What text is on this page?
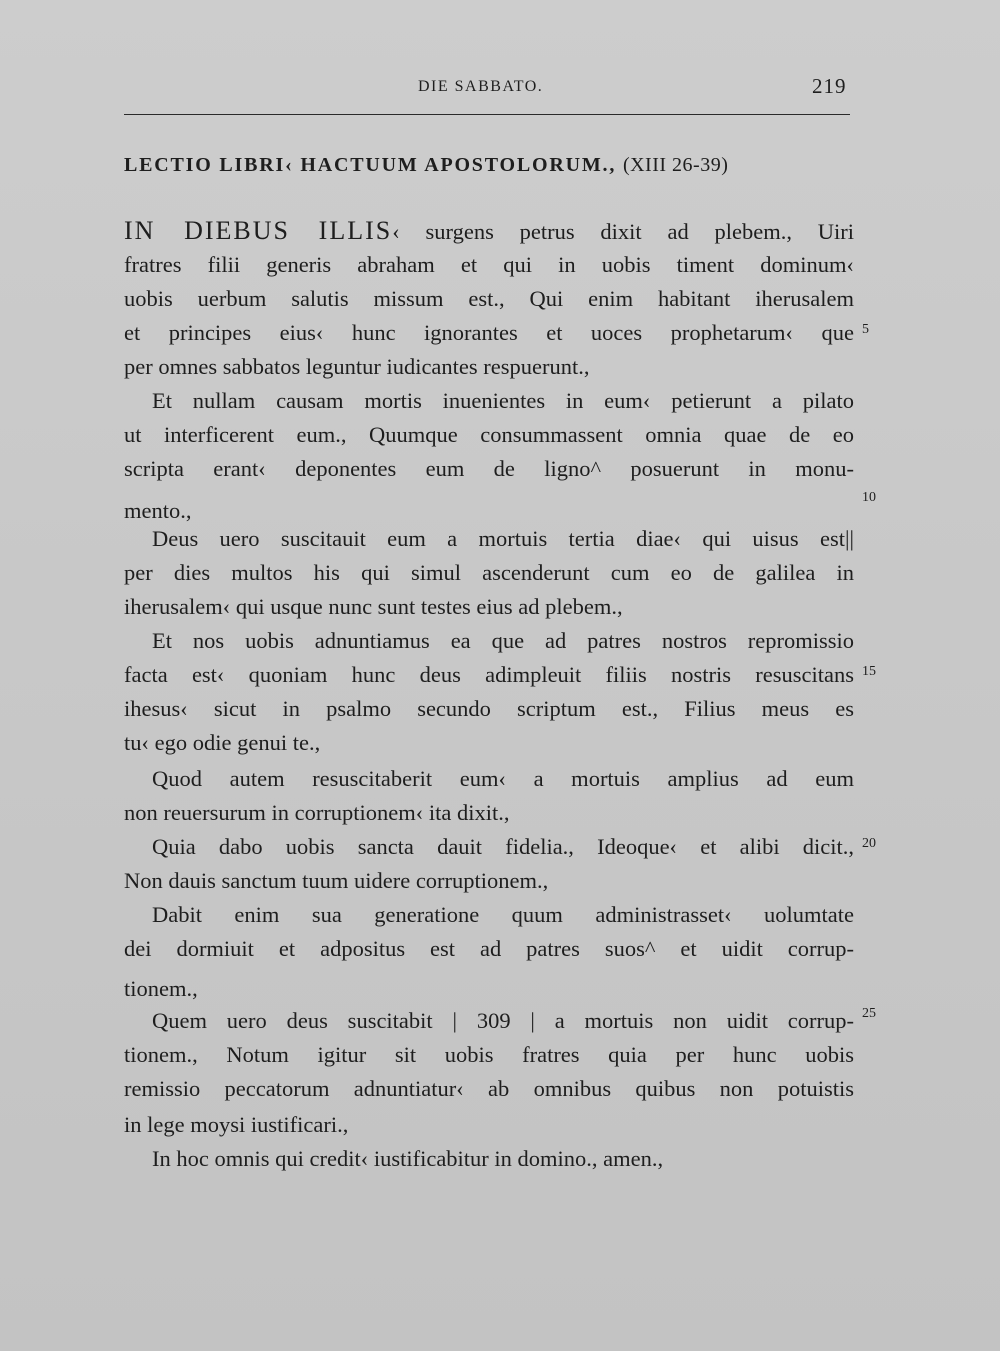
DIE SABBATO.	219
LECTIO LIBRI‹ HACTUUM APOSTOLORUM., (XIII 26-39)
IN DIEBUS ILLIS‹ surgens petrus dixit ad plebem., Uiri
fratres filii generis abraham et qui in uobis timent dominum‹
uobis uerbum salutis missum est., Qui enim habitant iherusalem
et principes eius‹ hunc ignorantes et uoces prophetarum‹ que
per omnes sabbatos leguntur iudicantes respuerunt.,
Et nullam causam mortis inuenientes in eum‹ petierunt a pilato
ut interficerent eum., Quumque consummassent omnia quae de eo
scripta erant‹ deponentes eum de ligno^ posuerunt in monu-
mento.,
Deus uero suscitauit eum a mortuis tertia diae‹ qui uisus est||
per dies multos his qui simul ascenderunt cum eo de galilea in
iherusalem‹ qui usque nunc sunt testes eius ad plebem.,
Et nos uobis adnuntiamus ea que ad patres nostros repromissio
facta est‹ quoniam hunc deus adimpleuit filiis nostris resuscitans
ihesus‹ sicut in psalmo secundo scriptum est., Filius meus es
tu‹ ego odie genui te.,
Quod autem resuscitaberit eum‹ a mortuis amplius ad eum
non reuersurum in corruptionem‹ ita dixit.,
Quia dabo uobis sancta dauit fidelia., Ideoque‹ et alibi dicit.,
Non dauis sanctum tuum uidere corruptionem.,
Dabit enim sua generatione quum administrasset‹ uolumtate
dei dormiuit et adpositus est ad patres suos^ et uidit corrup-
tionem.,
Quem uero deus suscitabit | 309 | a mortuis non uidit corrup-
tionem., Notum igitur sit uobis fratres quia per hunc uobis
remissio peccatorum adnuntiatur‹ ab omnibus quibus non potuistis
in lege moysi iustificari.,
In hoc omnis qui credit‹ iustificabitur in domino., amen.,
5
10
15
20
25
